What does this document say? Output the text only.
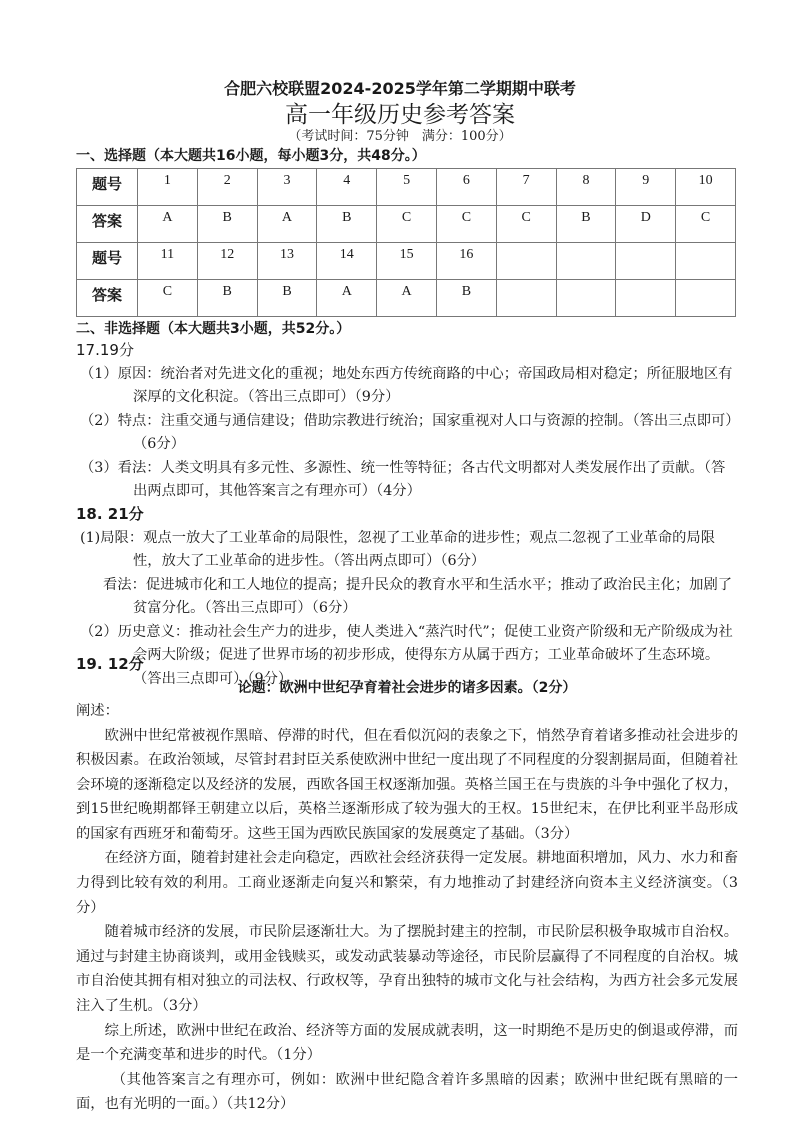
合肥六校联盟2024-2025学年第二学期期中联考
高一年级历史参考答案
（考试时间：75分钟　满分：100分）
一、选择题（本大题共16小题，每小题3分，共48分。）
题号	1	2	3	4	5	6	7	8	9	10
答案	A	B	A	B	C	C	C	B	D	C
题号	11	12	13	14	15	16				
答案	C	B	B	A	A	B				
二、非选择题（本大题共3小题，共52分。）
17.19分
（1）原因：统治者对先进文化的重视；地处东西方传统商路的中心；帝国政局相对稳定；所征服地区有深厚的文化积淀。（答出三点即可）（9分）
（2）特点：注重交通与通信建设；借助宗教进行统治；国家重视对人口与资源的控制。（答出三点即可）（6分）
（3）看法：人类文明具有多元性、多源性、统一性等特征；各古代文明都对人类发展作出了贡献。（答出两点即可，其他答案言之有理亦可）（4分）
18. 21分
(1)局限：观点一放大了工业革命的局限性，忽视了工业革命的进步性；观点二忽视了工业革命的局限性，放大了工业革命的进步性。（答出两点即可）（6分）
看法：促进城市化和工人地位的提高；提升民众的教育水平和生活水平；推动了政治民主化；加剧了贫富分化。（答出三点即可）（6分）
（2）历史意义：推动社会生产力的进步，使人类进入“蒸汽时代”；促使工业资产阶级和无产阶级成为社会两大阶级；促进了世界市场的初步形成，使得东方从属于西方；工业革命破坏了生态环境。（答出三点即可）（9分）
19. 12分
论题：欧洲中世纪孕育着社会进步的诸多因素。（2分）
阐述：
欧洲中世纪常被视作黑暗、停滞的时代，但在看似沉闷的表象之下，悄然孕育着诸多推动社会进步的积极因素。在政治领域，尽管封君封臣关系使欧洲中世纪一度出现了不同程度的分裂割据局面，但随着社会环境的逐渐稳定以及经济的发展，西欧各国王权逐渐加强。英格兰国王在与贵族的斗争中强化了权力，到15世纪晚期都铎王朝建立以后，英格兰逐渐形成了较为强大的王权。15世纪末，在伊比利亚半岛形成的国家有西班牙和葡萄牙。这些王国为西欧民族国家的发展奠定了基础。（3分）
在经济方面，随着封建社会走向稳定，西欧社会经济获得一定发展。耕地面积增加，风力、水力和畜力得到比较有效的利用。工商业逐渐走向复兴和繁荣，有力地推动了封建经济向资本主义经济演变。（3分）
随着城市经济的发展，市民阶层逐渐壮大。为了摆脱封建主的控制，市民阶层积极争取城市自治权。通过与封建主协商谈判，或用金钱赎买，或发动武装暴动等途径，市民阶层赢得了不同程度的自治权。城市自治使其拥有相对独立的司法权、行政权等，孕育出独特的城市文化与社会结构，为西方社会多元发展注入了生机。（3分）
综上所述，欧洲中世纪在政治、经济等方面的发展成就表明，这一时期绝不是历史的倒退或停滞，而是一个充满变革和进步的时代。（1分）
（其他答案言之有理亦可，例如：欧洲中世纪隐含着许多黑暗的因素；欧洲中世纪既有黑暗的一面，也有光明的一面。）（共12分）
